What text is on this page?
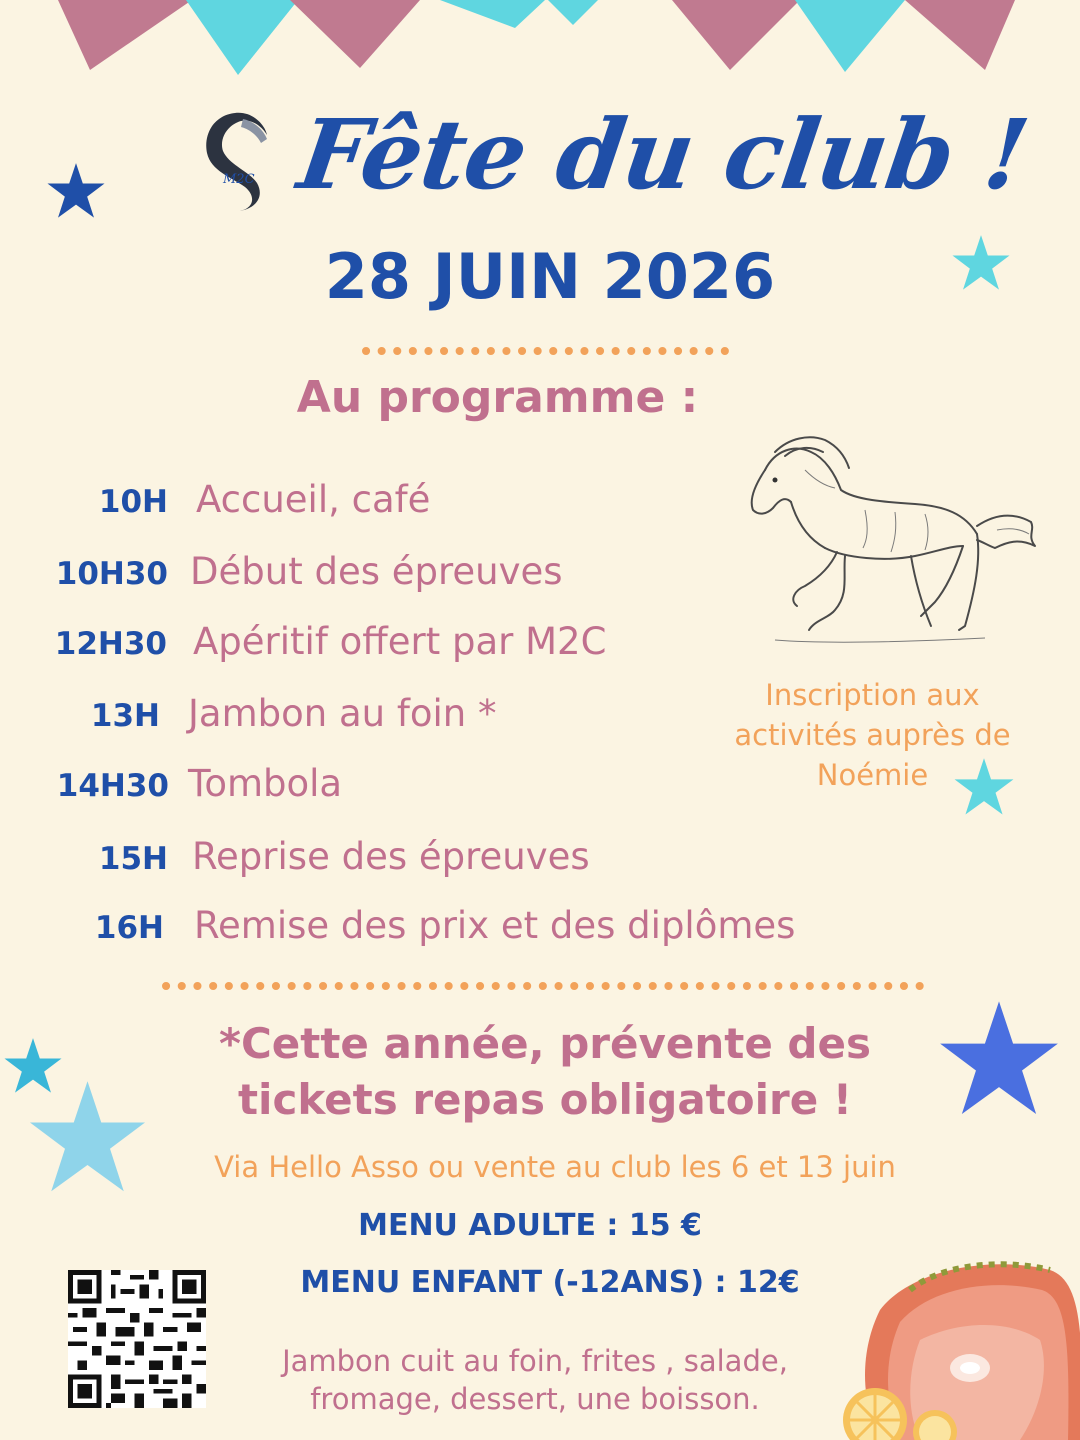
M2C Fête du club !
28 JUIN 2026
Au programme :
10H Accueil, café
10H30 Début des épreuves
12H30 Apéritif offert par M2C
13H Jambon au foin *
14H30 Tombola
15H Reprise des épreuves
16H Remise des prix et des diplômes

Inscription aux
activités auprès de
Noémie

*Cette année, prévente des
tickets repas obligatoire !

Via Hello Asso ou vente au club les 6 et 13 juin

MENU ADULTE : 15 €

MENU ENFANT (-12ANS) : 12€

Jambon cuit au foin, frites , salade,
fromage, dessert, une boisson.
